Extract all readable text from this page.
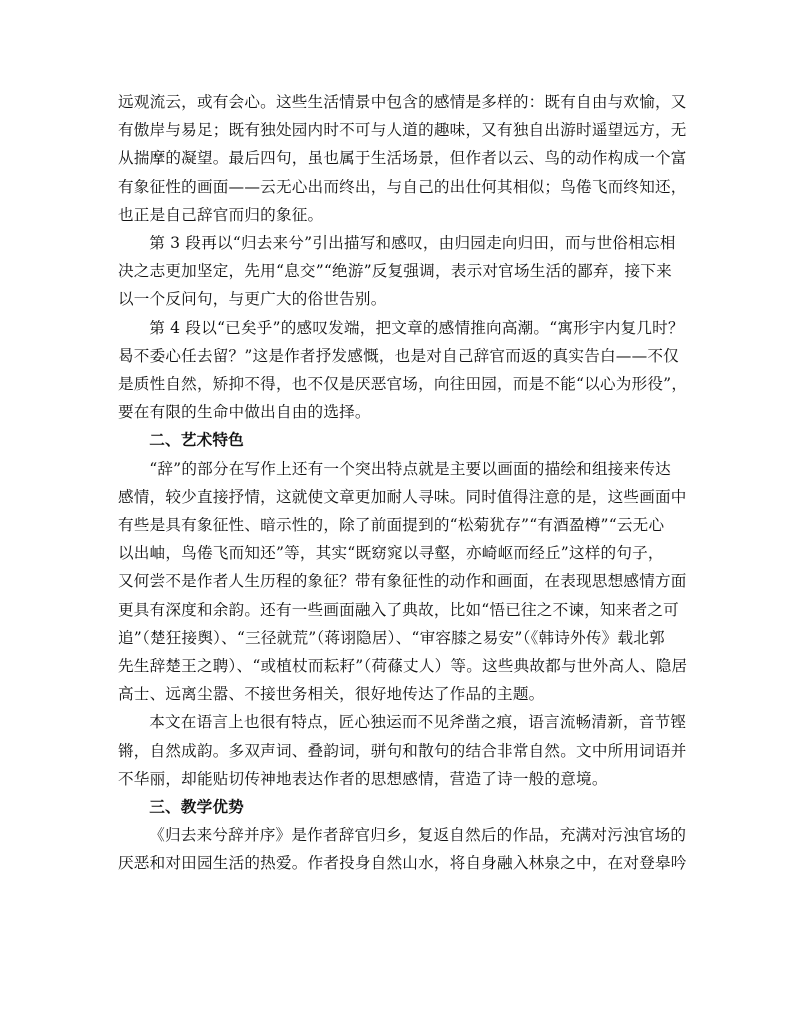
远观流云，或有会心。这些生活情景中包含的感情是多样的：既有自由与欢愉，又
有傲岸与易足；既有独处园内时不可与人道的趣味，又有独自出游时遥望远方，无
从揣摩的凝望。最后四句，虽也属于生活场景，但作者以云、鸟的动作构成一个富
有象征性的画面——云无心出而终出，与自己的出仕何其相似；鸟倦飞而终知还，
也正是自己辞官而归的象征。

第 3 段再以“归去来兮”引出描写和感叹，由归园走向归田，而与世俗相忘相
决之志更加坚定，先用“息交”“绝游”反复强调，表示对官场生活的鄙弃，接下来
以一个反问句，与更广大的俗世告别。

第 4 段以“已矣乎”的感叹发端，把文章的感情推向高潮。“寓形宇内复几时？
曷不委心任去留？”这是作者抒发感慨，也是对自己辞官而返的真实告白——不仅
是质性自然，矫抑不得，也不仅是厌恶官场，向往田园，而是不能“以心为形役”，
要在有限的生命中做出自由的选择。

二、艺术特色

“辞”的部分在写作上还有一个突出特点就是主要以画面的描绘和组接来传达
感情，较少直接抒情，这就使文章更加耐人寻味。同时值得注意的是，这些画面中
有些是具有象征性、暗示性的，除了前面提到的“松菊犹存”“有酒盈樽”“云无心
以出岫，鸟倦飞而知还”等，其实“既窈窕以寻壑，亦崎岖而经丘”这样的句子，
又何尝不是作者人生历程的象征？带有象征性的动作和画面，在表现思想感情方面
更具有深度和余韵。还有一些画面融入了典故，比如“悟已往之不谏，知来者之可
追”（楚狂接舆）、“三径就荒”（蒋诩隐居）、“审容膝之易安”（《韩诗外传》载北郭
先生辞楚王之聘）、“或植杖而耘耔”（荷蓧丈人）等。这些典故都与世外高人、隐居
高士、远离尘嚣、不接世务相关，很好地传达了作品的主题。

本文在语言上也很有特点，匠心独运而不见斧凿之痕，语言流畅清新，音节铿
锵，自然成韵。多双声词、叠韵词，骈句和散句的结合非常自然。文中所用词语并
不华丽，却能贴切传神地表达作者的思想感情，营造了诗一般的意境。

三、教学优势

《归去来兮辞并序》是作者辞官归乡，复返自然后的作品，充满对污浊官场的
厌恶和对田园生活的热爱。作者投身自然山水，将自身融入林泉之中，在对登皋吟
